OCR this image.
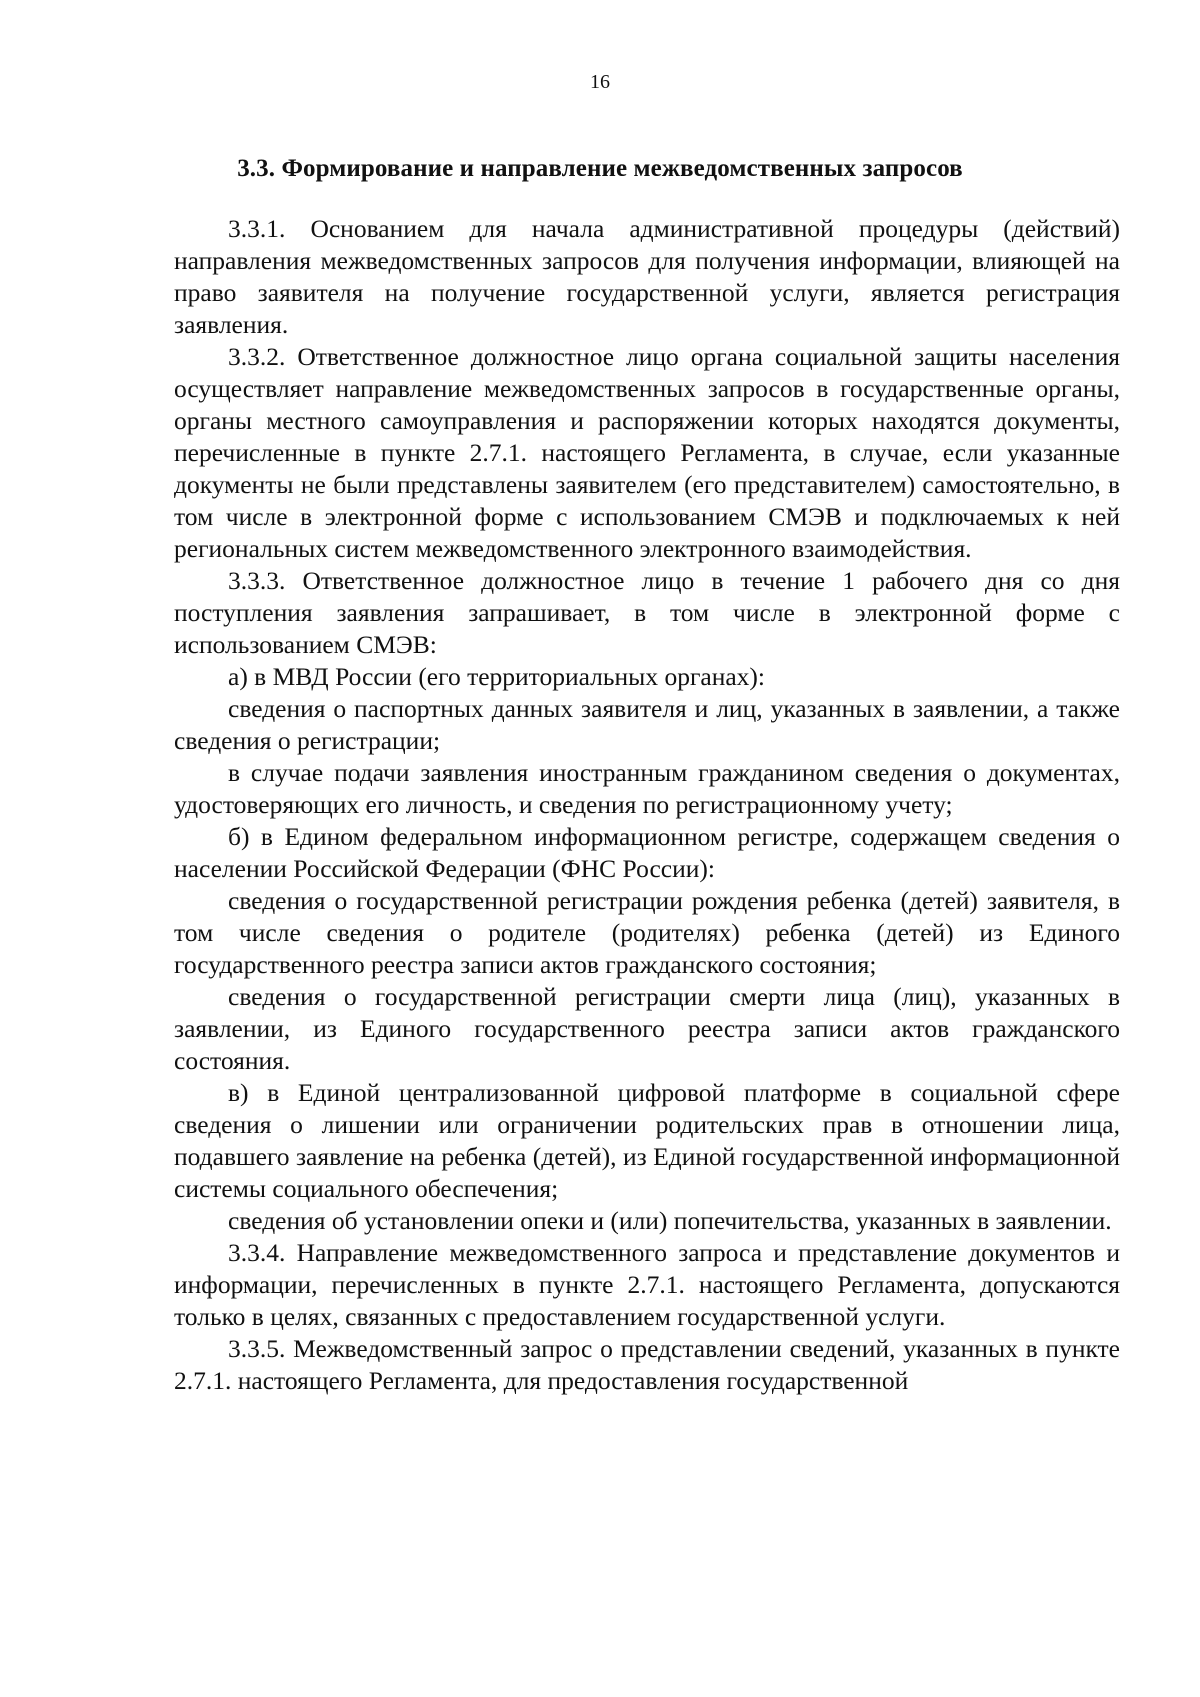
16
3.3. Формирование и направление межведомственных запросов

3.3.1. Основанием для начала административной процедуры (действий) направления межведомственных запросов для получения информации, влияющей на право заявителя на получение государственной услуги, является регистрация заявления.

3.3.2. Ответственное должностное лицо органа социальной защиты населения осуществляет направление межведомственных запросов в государственные органы, органы местного самоуправления и распоряжении которых находятся документы, перечисленные в пункте 2.7.1. настоящего Регламента, в случае, если указанные документы не были представлены заявителем (его представителем) самостоятельно, в том числе в электронной форме с использованием СМЭВ и подключаемых к ней региональных систем межведомственного электронного взаимодействия.

3.3.3. Ответственное должностное лицо в течение 1 рабочего дня со дня поступления заявления запрашивает, в том числе в электронной форме с использованием СМЭВ:

а) в МВД России (его территориальных органах):

сведения о паспортных данных заявителя и лиц, указанных в заявлении, а также сведения о регистрации;

в случае подачи заявления иностранным гражданином сведения о документах, удостоверяющих его личность, и сведения по регистрационному учету;

б) в Едином федеральном информационном регистре, содержащем сведения о населении Российской Федерации (ФНС России):

сведения о государственной регистрации рождения ребенка (детей) заявителя, в том числе сведения о родителе (родителях) ребенка (детей) из Единого государственного реестра записи актов гражданского состояния;

сведения о государственной регистрации смерти лица (лиц), указанных в заявлении, из Единого государственного реестра записи актов гражданского состояния.

в) в Единой централизованной цифровой платформе в социальной сфере сведения о лишении или ограничении родительских прав в отношении лица, подавшего заявление на ребенка (детей), из Единой государственной информационной системы социального обеспечения;

сведения об установлении опеки и (или) попечительства, указанных в заявлении.

3.3.4. Направление межведомственного запроса и представление документов и информации, перечисленных в пункте 2.7.1. настоящего Регламента, допускаются только в целях, связанных с предоставлением государственной услуги.

3.3.5. Межведомственный запрос о представлении сведений, указанных в пункте 2.7.1. настоящего Регламента, для предоставления государственной
